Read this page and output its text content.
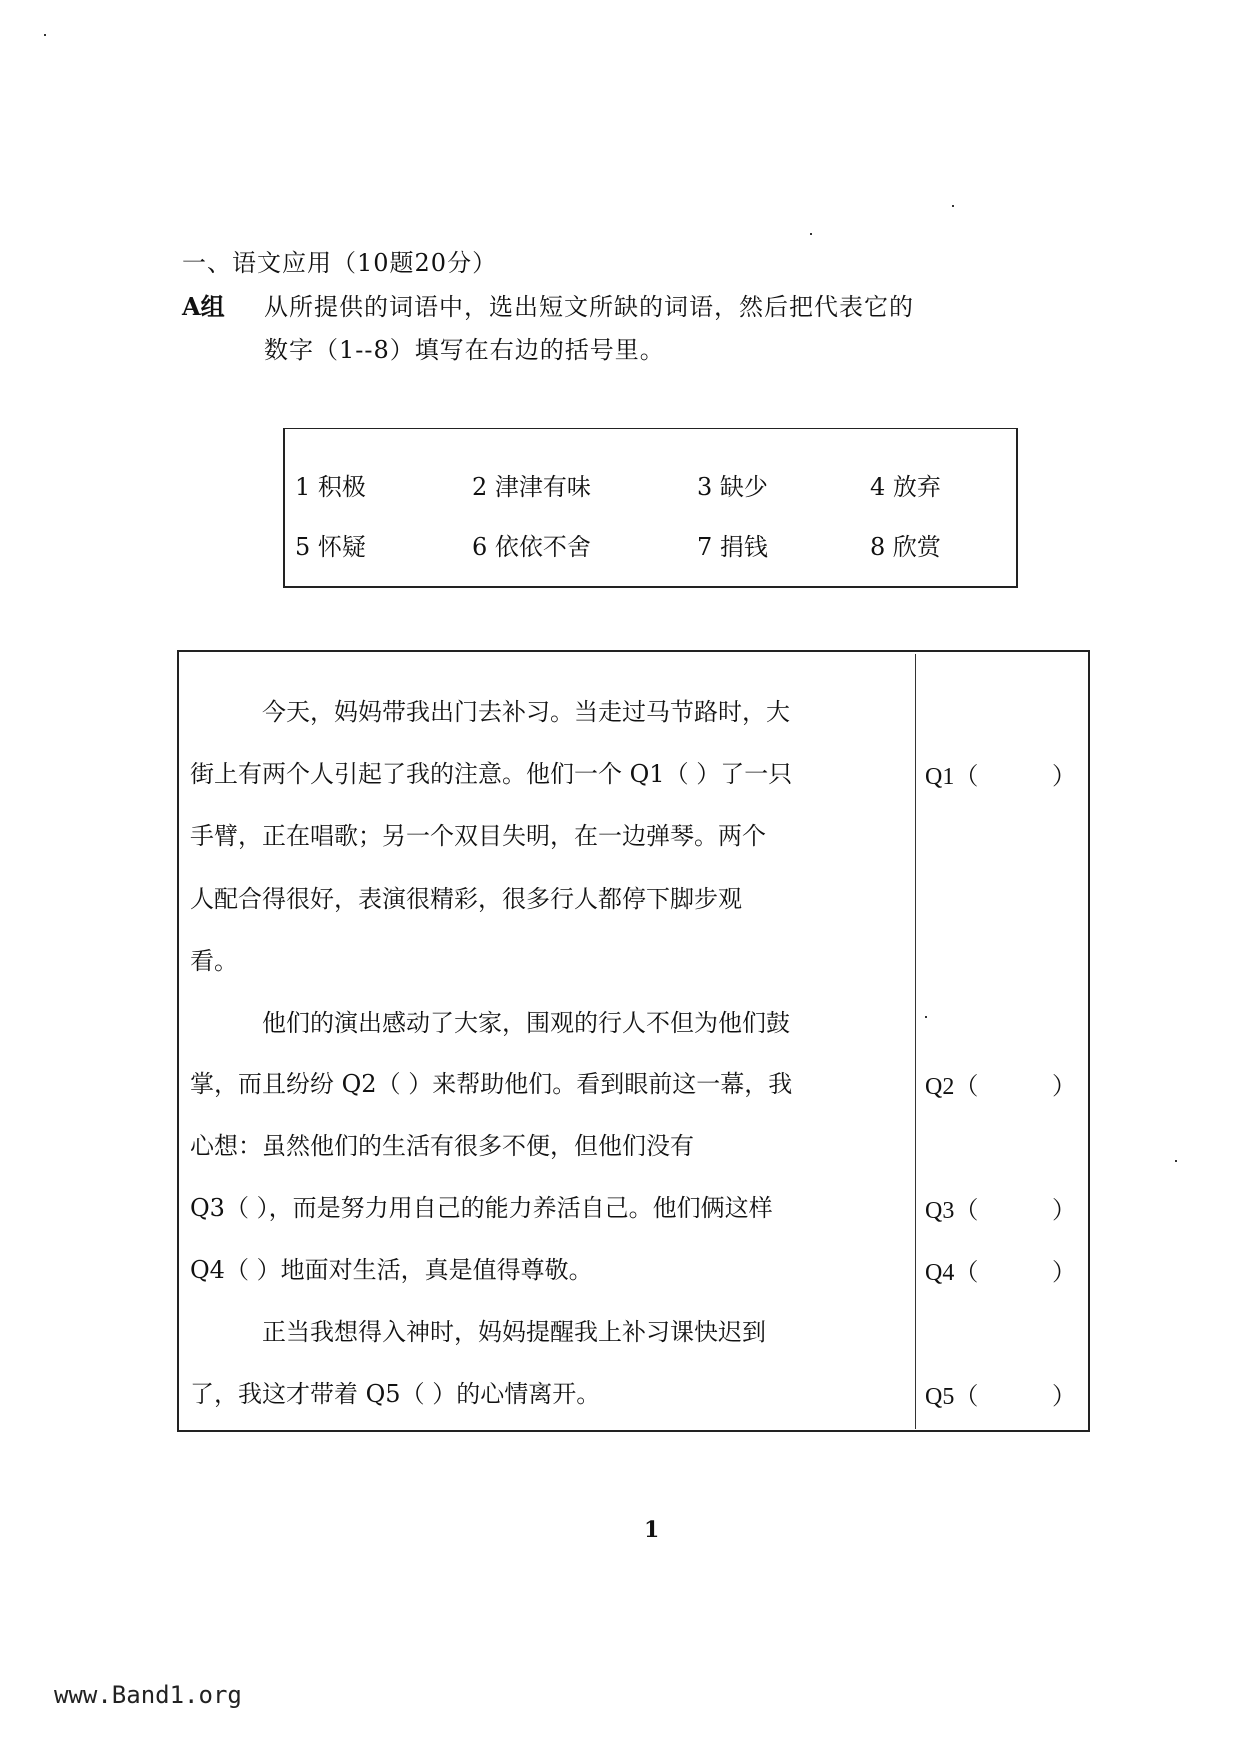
一、语文应用（10题20分）
A组 从所提供的词语中，选出短文所缺的词语，然后把代表它的
数字（1--8）填写在右边的括号里。
1 积极	2 津津有味	3 缺少	4 放弃
5 怀疑	6 依依不舍	7 捐钱	8 欣赏
今天，妈妈带我出门去补习。当走过马节路时，大
街上有两个人引起了我的注意。他们一个 Q1（ ）了一只
手臂，正在唱歌；另一个双目失明，在一边弹琴。两个
人配合得很好，表演很精彩，很多行人都停下脚步观
看。
他们的演出感动了大家，围观的行人不但为他们鼓
掌，而且纷纷 Q2（ ）来帮助他们。看到眼前这一幕，我
心想：虽然他们的生活有很多不便，但他们没有
Q3（ ），而是努力用自己的能力养活自己。他们俩这样
Q4（ ）地面对生活，真是值得尊敬。
正当我想得入神时，妈妈提醒我上补习课快迟到
了，我这才带着 Q5（ ）的心情离开。
Q1（	）
Q2（	）
Q3（	）
Q4（	）
Q5（	）
1
www.Band1.org
